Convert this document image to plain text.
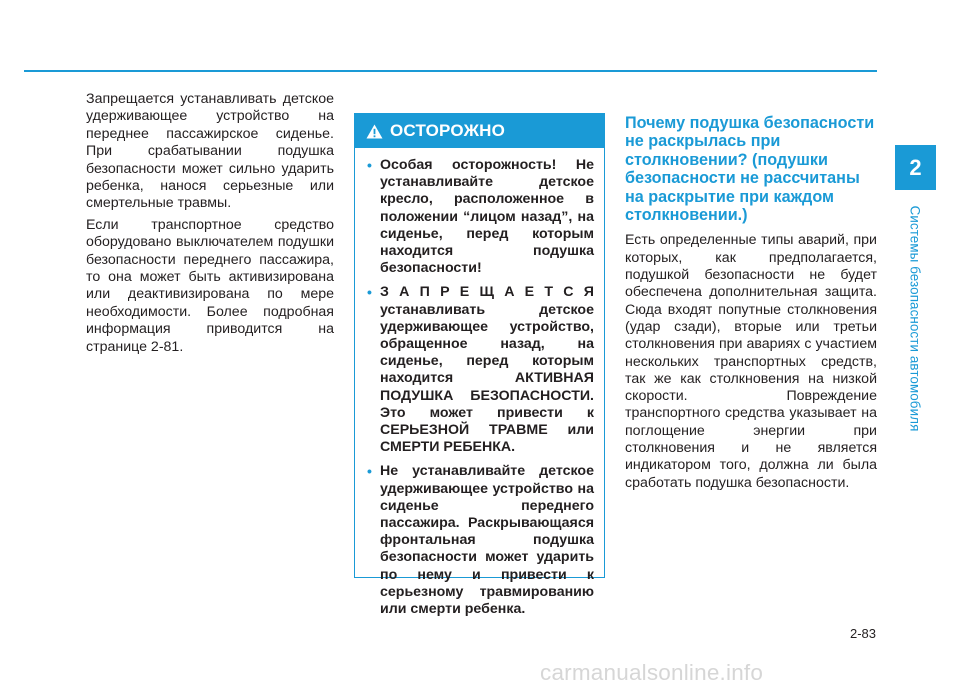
Запрещается устанавливать детское удерживающее устройство на переднее пассажирское сиденье. При срабатывании подушка безопасности может сильно ударить ребенка, нанося серьезные или смертельные травмы.

Если транспортное средство оборудовано выключателем подушки безопасности переднего пассажира, то она может быть активизирована или деактивизирована по мере необходимости. Более подробная информация приводится на странице 2-81.

ОСТОРОЖНО
• Особая осторожность! Не устанавливайте детское кресло, расположенное в положении “лицом назад”, на сиденье, перед которым находится подушка безопасности!
• З А П Р Е Щ А Е Т С Я устанавливать детское удерживающее устройство, обращенное назад, на сиденье, перед которым находится АКТИВНАЯ ПОДУШКА БЕЗОПАСНОСТИ. Это может привести к СЕРЬЕЗНОЙ ТРАВМЕ или СМЕРТИ РЕБЕНКА.
• Не устанавливайте детское удерживающее устройство на сиденье переднего пассажира. Раскрывающаяся фронтальная подушка безопасности может ударить по нему и привести к серьезному травмированию или смерти ребенка.
Почему подушка безопасности не раскрылась при столкновении? (подушки безопасности не рассчитаны на раскрытие при каждом столкновении.)

Есть определенные типы аварий, при которых, как предполагается, подушкой безопасности не будет обеспечена дополнительная защита. Сюда входят попутные столкновения (удар сзади), вторые или третьи столкновения при авариях с участием нескольких транспортных средств, так же как столкновения на низкой скорости. Повреждение транспортного средства указывает на поглощение энергии при столкновения и не является индикатором того, должна ли была сработать подушка безопасности.

2
Системы безопасности автомобиля
2-83
carmanualsonline.info
